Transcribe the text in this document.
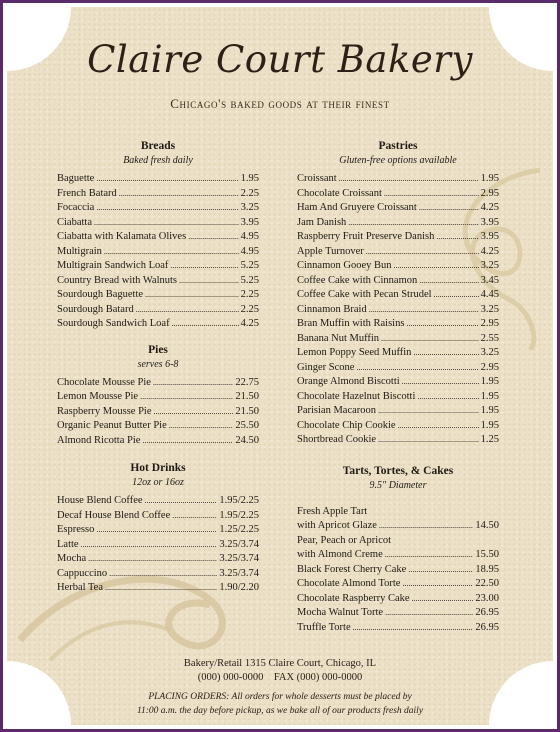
Claire Court Bakery
Chicago's baked goods at their finest
Breads
Baked fresh daily
Baguette .....	1.95
French Batard .....	2.25
Focaccia .....	3.25
Ciabatta .....	3.95
Ciabatta with Kalamata Olives .....	4.95
Multigrain .....	4.95
Multigrain Sandwich Loaf .....	5.25
Country Bread with Walnuts .....	5.25
Sourdough Baguette .....	2.25
Sourdough Batard .....	2.25
Sourdough Sandwich Loaf .....	4.25
Pies
serves 6-8
Chocolate Mousse Pie .....	22.75
Lemon Mousse Pie .....	21.50
Raspberry Mousse Pie .....	21.50
Organic Peanut Butter Pie .....	25.50
Almond Ricotta Pie .....	24.50
Hot Drinks
12oz or 16oz
House Blend Coffee .....	1.95/2.25
Decaf House Blend Coffee .....	1.95/2.25
Espresso .....	1.25/2.25
Latte .....	3.25/3.74
Mocha .....	3.25/3.74
Cappuccino .....	3.25/3.74
Herbal Tea .....	1.90/2.20
Pastries
Gluten-free options available
Croissant .....	1.95
Chocolate Croissant .....	2.95
Ham And Gruyere Croissant .....	4.25
Jam Danish .....	3.95
Raspberry Fruit Preserve Danish .....	3.95
Apple Turnover .....	4.25
Cinnamon Gooey Bun .....	3.25
Coffee Cake with Cinnamon .....	3.45
Coffee Cake with Pecan Strudel .....	4.45
Cinnamon Braid .....	3.25
Bran Muffin with Raisins .....	2.95
Banana Nut Muffin .....	2.55
Lemon Poppy Seed Muffin .....	3.25
Ginger Scone .....	2.95
Orange Almond Biscotti .....	1.95
Chocolate Hazelnut Biscotti .....	1.95
Parisian Macaroon .....	1.95
Chocolate Chip Cookie .....	1.95
Shortbread Cookie .....	1.25
Tarts, Tortes, & Cakes
9.5" Diameter
Fresh Apple Tart
with Apricot Glaze .....	14.50
Pear, Peach or Apricot
with Almond Creme .....	15.50
Black Forest Cherry Cake .....	18.95
Chocolate Almond Torte .....	22.50
Chocolate Raspberry Cake .....	23.00
Mocha Walnut Torte .....	26.95
Truffle Torte .....	26.95
Bakery/Retail 1315 Claire Court, Chicago, IL
(000) 000-0000    FAX (000) 000-0000
PLACING ORDERS: All orders for whole desserts must be placed by
11:00 a.m. the day before pickup, as we bake all of our products fresh daily
